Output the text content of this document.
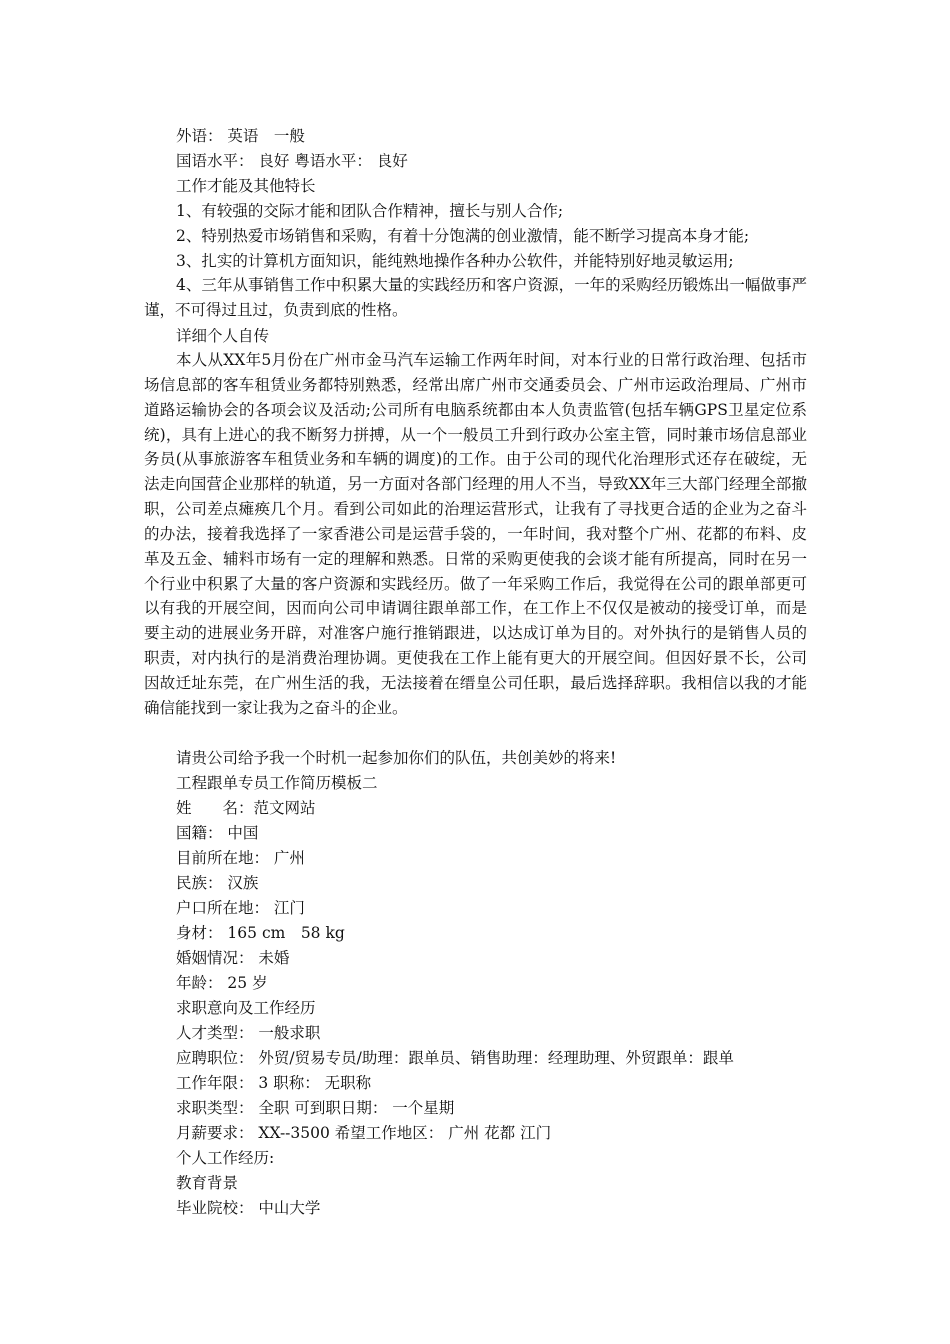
外语： 英语　一般
国语水平： 良好 粤语水平： 良好
工作才能及其他特长
1、有较强的交际才能和团队合作精神，擅长与别人合作;
2、特别热爱市场销售和采购，有着十分饱满的创业激情，能不断学习提高本身才能;
3、扎实的计算机方面知识，能纯熟地操作各种办公软件，并能特别好地灵敏运用;
4、三年从事销售工作中积累大量的实践经历和客户资源，一年的采购经历锻炼出一幅做事严谨，不可得过且过，负责到底的性格。
详细个人自传
本人从XX年5月份在广州市金马汽车运输工作两年时间，对本行业的日常行政治理、包括市场信息部的客车租赁业务都特别熟悉，经常出席广州市交通委员会、广州市运政治理局、广州市道路运输协会的各项会议及活动;公司所有电脑系统都由本人负责监管(包括车辆GPS卫星定位系统)，具有上进心的我不断努力拼搏，从一个一般员工升到行政办公室主管，同时兼市场信息部业务员(从事旅游客车租赁业务和车辆的调度)的工作。由于公司的现代化治理形式还存在破绽，无法走向国营企业那样的轨道，另一方面对各部门经理的用人不当，导致XX年三大部门经理全部撤职，公司差点瘫痪几个月。看到公司如此的治理运营形式，让我有了寻找更合适的企业为之奋斗的办法，接着我选择了一家香港公司是运营手袋的，一年时间，我对整个广州、花都的布料、皮革及五金、辅料市场有一定的理解和熟悉。日常的采购更使我的会谈才能有所提高，同时在另一个行业中积累了大量的客户资源和实践经历。做了一年采购工作后，我觉得在公司的跟单部更可以有我的开展空间，因而向公司申请调往跟单部工作，在工作上不仅仅是被动的接受订单，而是要主动的进展业务开辟，对准客户施行推销跟进，以达成订单为目的。对外执行的是销售人员的职责，对内执行的是消费治理协调。更使我在工作上能有更大的开展空间。但因好景不长，公司因故迁址东莞，在广州生活的我，无法接着在缙皇公司任职，最后选择辞职。我相信以我的才能确信能找到一家让我为之奋斗的企业。
请贵公司给予我一个时机一起参加你们的队伍，共创美妙的将来!
工程跟单专员工作简历模板二
姓　　名：范文网站
国籍： 中国
目前所在地： 广州
民族： 汉族
户口所在地： 江门
身材： 165 cm　58 kg
婚姻情况： 未婚
年龄： 25 岁
求职意向及工作经历
人才类型： 一般求职
应聘职位： 外贸/贸易专员/助理：跟单员、销售助理：经理助理、外贸跟单：跟单
工作年限： 3 职称： 无职称
求职类型： 全职 可到职日期： 一个星期
月薪要求： XX--3500 希望工作地区： 广州 花都 江门
个人工作经历:
教育背景
毕业院校： 中山大学
